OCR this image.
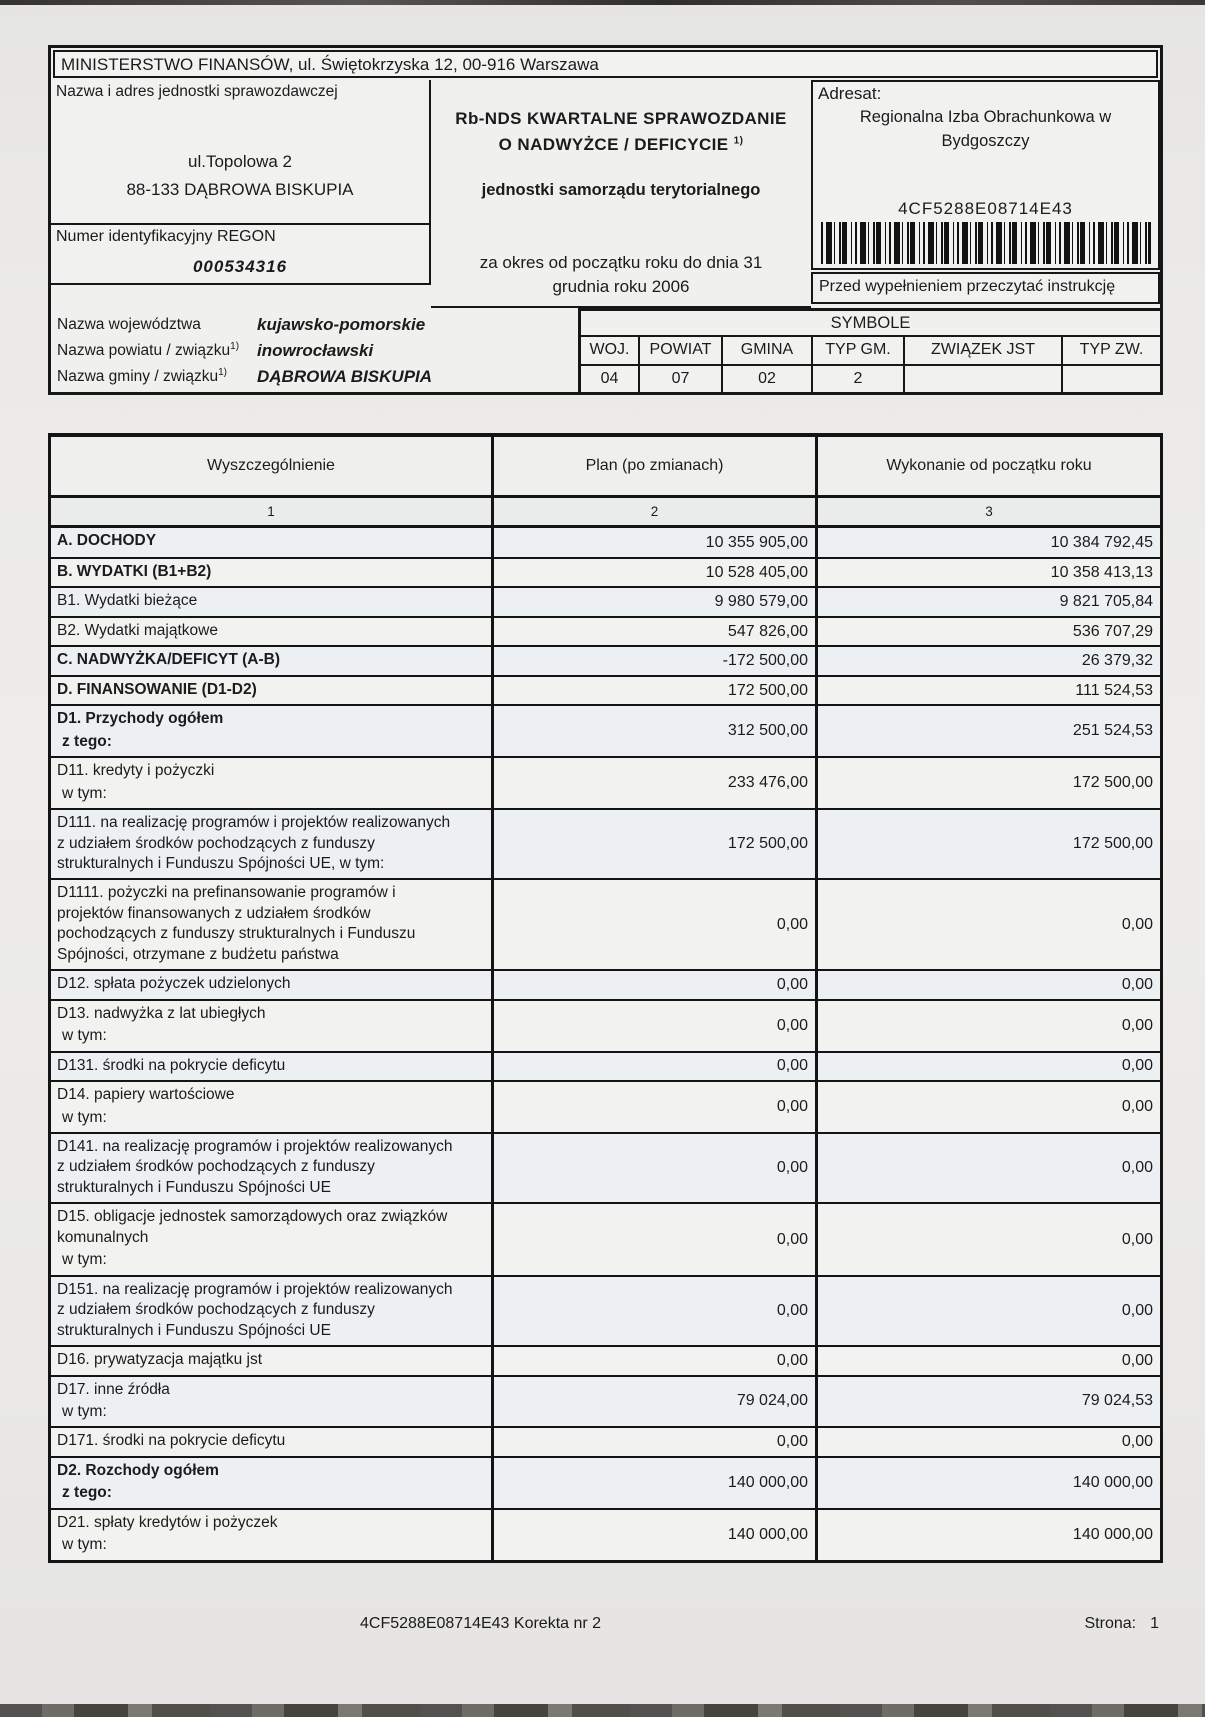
MINISTERSTWO FINANSÓW, ul. Świętokrzyska 12, 00-916 Warszawa
Nazwa i adres jednostki sprawozdawczej
ul.Topolowa 2
88-133 DĄBROWA BISKUPIA
Numer identyfikacyjny REGON
000534316
Rb-NDS KWARTALNE SPRAWOZDANIE
O NADWYŻCE / DEFICYCIE $^{1)}$
jednostki samorządu terytorialnego
za okres od początku roku do dnia 31
grudnia roku 2006
Adresat:
Regionalna Izba Obrachunkowa w
Bydgoszczy
4CF5288E08714E43
Przed wypełnieniem przeczytać instrukcję
Nazwa województwa	kujawsko-pomorskie
Nazwa powiatu / związku$^{1)}$	inowrocławski
Nazwa gminy / związku$^{1)}$	DĄBROWA BISKUPIA
SYMBOLE
WOJ.	POWIAT	GMINA	TYP GM.	ZWIĄZEK JST	TYP ZW.
04	07	02	2
Wyszczególnienie	Plan (po zmianach)	Wykonanie od początku roku
1	2	3
A. DOCHODY	10 355 905,00	10 384 792,45
B. WYDATKI (B1+B2)	10 528 405,00	10 358 413,13
B1. Wydatki bieżące	9 980 579,00	9 821 705,84
B2. Wydatki majątkowe	547 826,00	536 707,29
C. NADWYŻKA/DEFICYT (A-B)	-172 500,00	26 379,32
D. FINANSOWANIE (D1-D2)	172 500,00	111 524,53
D1. Przychody ogółem
z tego:
312 500,00	251 524,53
D11. kredyty i pożyczki
w tym:
233 476,00	172 500,00
D111. na realizację programów i projektów realizowanych z udziałem środków pochodzących z funduszy strukturalnych i Funduszu Spójności UE, w tym:
172 500,00	172 500,00
D1111. pożyczki na prefinansowanie programów i projektów finansowanych z udziałem środków pochodzących z funduszy strukturalnych i Funduszu Spójności, otrzymane z budżetu państwa
0,00	0,00
D12. spłata pożyczek udzielonych	0,00	0,00
D13. nadwyżka z lat ubiegłych
w tym:
0,00	0,00
D131. środki na pokrycie deficytu	0,00	0,00
D14. papiery wartościowe
w tym:
0,00	0,00
D141. na realizację programów i projektów realizowanych z udziałem środków pochodzących z funduszy strukturalnych i Funduszu Spójności UE
0,00	0,00
D15. obligacje jednostek samorządowych oraz związków komunalnych
w tym:
0,00	0,00
D151. na realizację programów i projektów realizowanych z udziałem środków pochodzących z funduszy strukturalnych i Funduszu Spójności UE
0,00	0,00
D16. prywatyzacja majątku jst	0,00	0,00
D17. inne źródła
w tym:
79 024,00	79 024,53
D171. środki na pokrycie deficytu	0,00	0,00
D2. Rozchody ogółem
z tego:
140 000,00	140 000,00
D21. spłaty kredytów i pożyczek
w tym:
140 000,00	140 000,00
4CF5288E08714E43 Korekta nr 2	Strona: 1
